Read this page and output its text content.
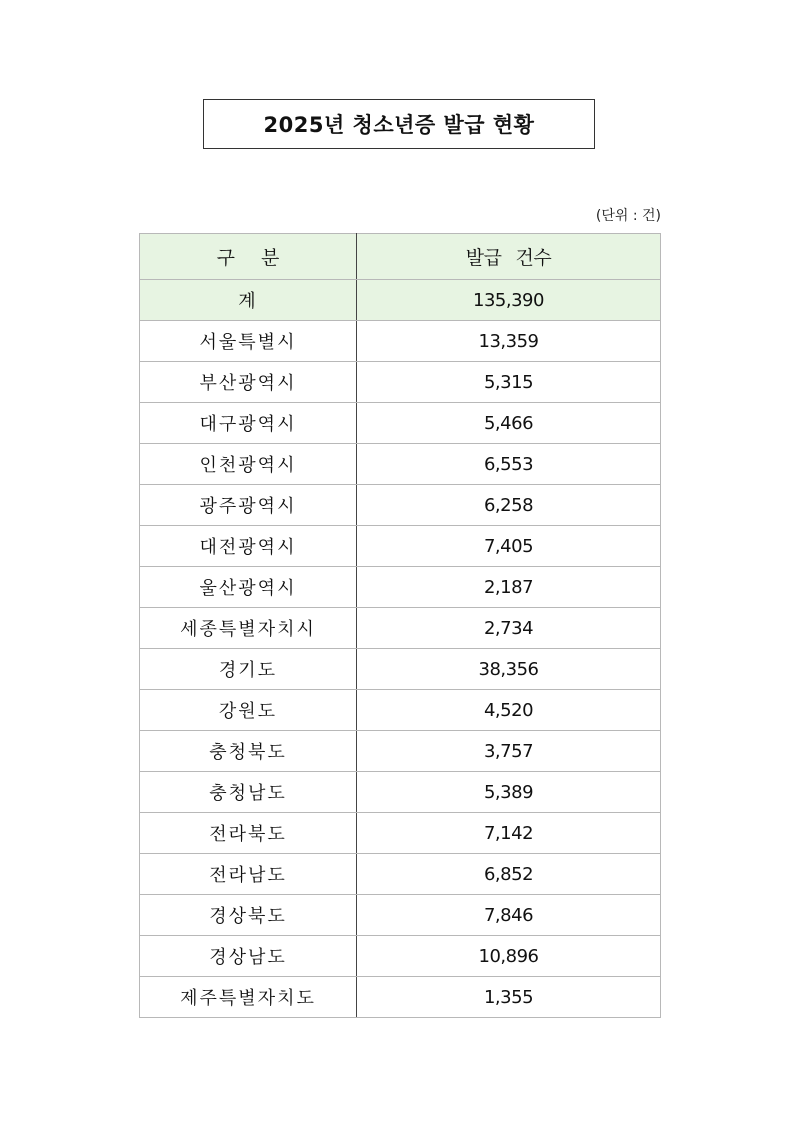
2025년 청소년증 발급 현황
(단위 : 건)
구 분	발급 건수
계	135,390
서울특별시	13,359
부산광역시	5,315
대구광역시	5,466
인천광역시	6,553
광주광역시	6,258
대전광역시	7,405
울산광역시	2,187
세종특별자치시	2,734
경기도	38,356
강원도	4,520
충청북도	3,757
충청남도	5,389
전라북도	7,142
전라남도	6,852
경상북도	7,846
경상남도	10,896
제주특별자치도	1,355
